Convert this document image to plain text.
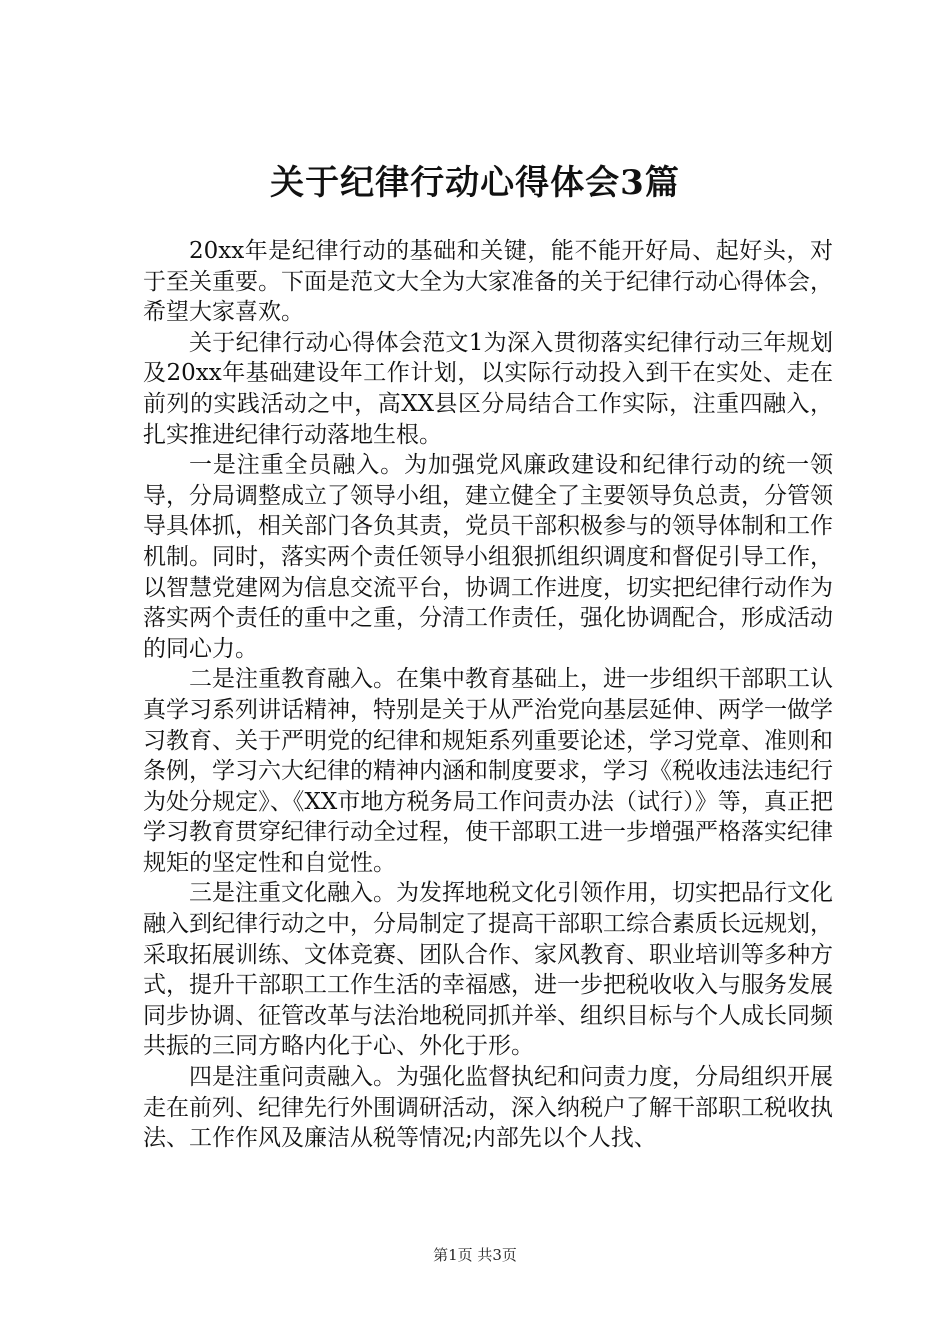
关于纪律行动心得体会3篇

20xx年是纪律行动的基础和关键，能不能开好局、起好头，对于至关重要。下面是范文大全为大家准备的关于纪律行动心得体会，希望大家喜欢。

关于纪律行动心得体会范文1为深入贯彻落实纪律行动三年规划及20xx年基础建设年工作计划，以实际行动投入到干在实处、走在前列的实践活动之中，高XX县区分局结合工作实际，注重四融入，扎实推进纪律行动落地生根。

一是注重全员融入。为加强党风廉政建设和纪律行动的统一领导，分局调整成立了领导小组，建立健全了主要领导负总责，分管领导具体抓，相关部门各负其责，党员干部积极参与的领导体制和工作机制。同时，落实两个责任领导小组狠抓组织调度和督促引导工作，以智慧党建网为信息交流平台，协调工作进度，切实把纪律行动作为落实两个责任的重中之重，分清工作责任，强化协调配合，形成活动的同心力。

二是注重教育融入。在集中教育基础上，进一步组织干部职工认真学习系列讲话精神，特别是关于从严治党向基层延伸、两学一做学习教育、关于严明党的纪律和规矩系列重要论述，学习党章、准则和条例，学习六大纪律的精神内涵和制度要求，学习《税收违法违纪行为处分规定》、《XX市地方税务局工作问责办法（试行）》等，真正把学习教育贯穿纪律行动全过程，使干部职工进一步增强严格落实纪律规矩的坚定性和自觉性。

三是注重文化融入。为发挥地税文化引领作用，切实把品行文化融入到纪律行动之中，分局制定了提高干部职工综合素质长远规划，采取拓展训练、文体竞赛、团队合作、家风教育、职业培训等多种方式，提升干部职工工作生活的幸福感，进一步把税收收入与服务发展同步协调、征管改革与法治地税同抓并举、组织目标与个人成长同频共振的三同方略内化于心、外化于形。

四是注重问责融入。为强化监督执纪和问责力度，分局组织开展走在前列、纪律先行外围调研活动，深入纳税户了解干部职工税收执法、工作作风及廉洁从税等情况;内部先以个人找、

第1页 共3页
